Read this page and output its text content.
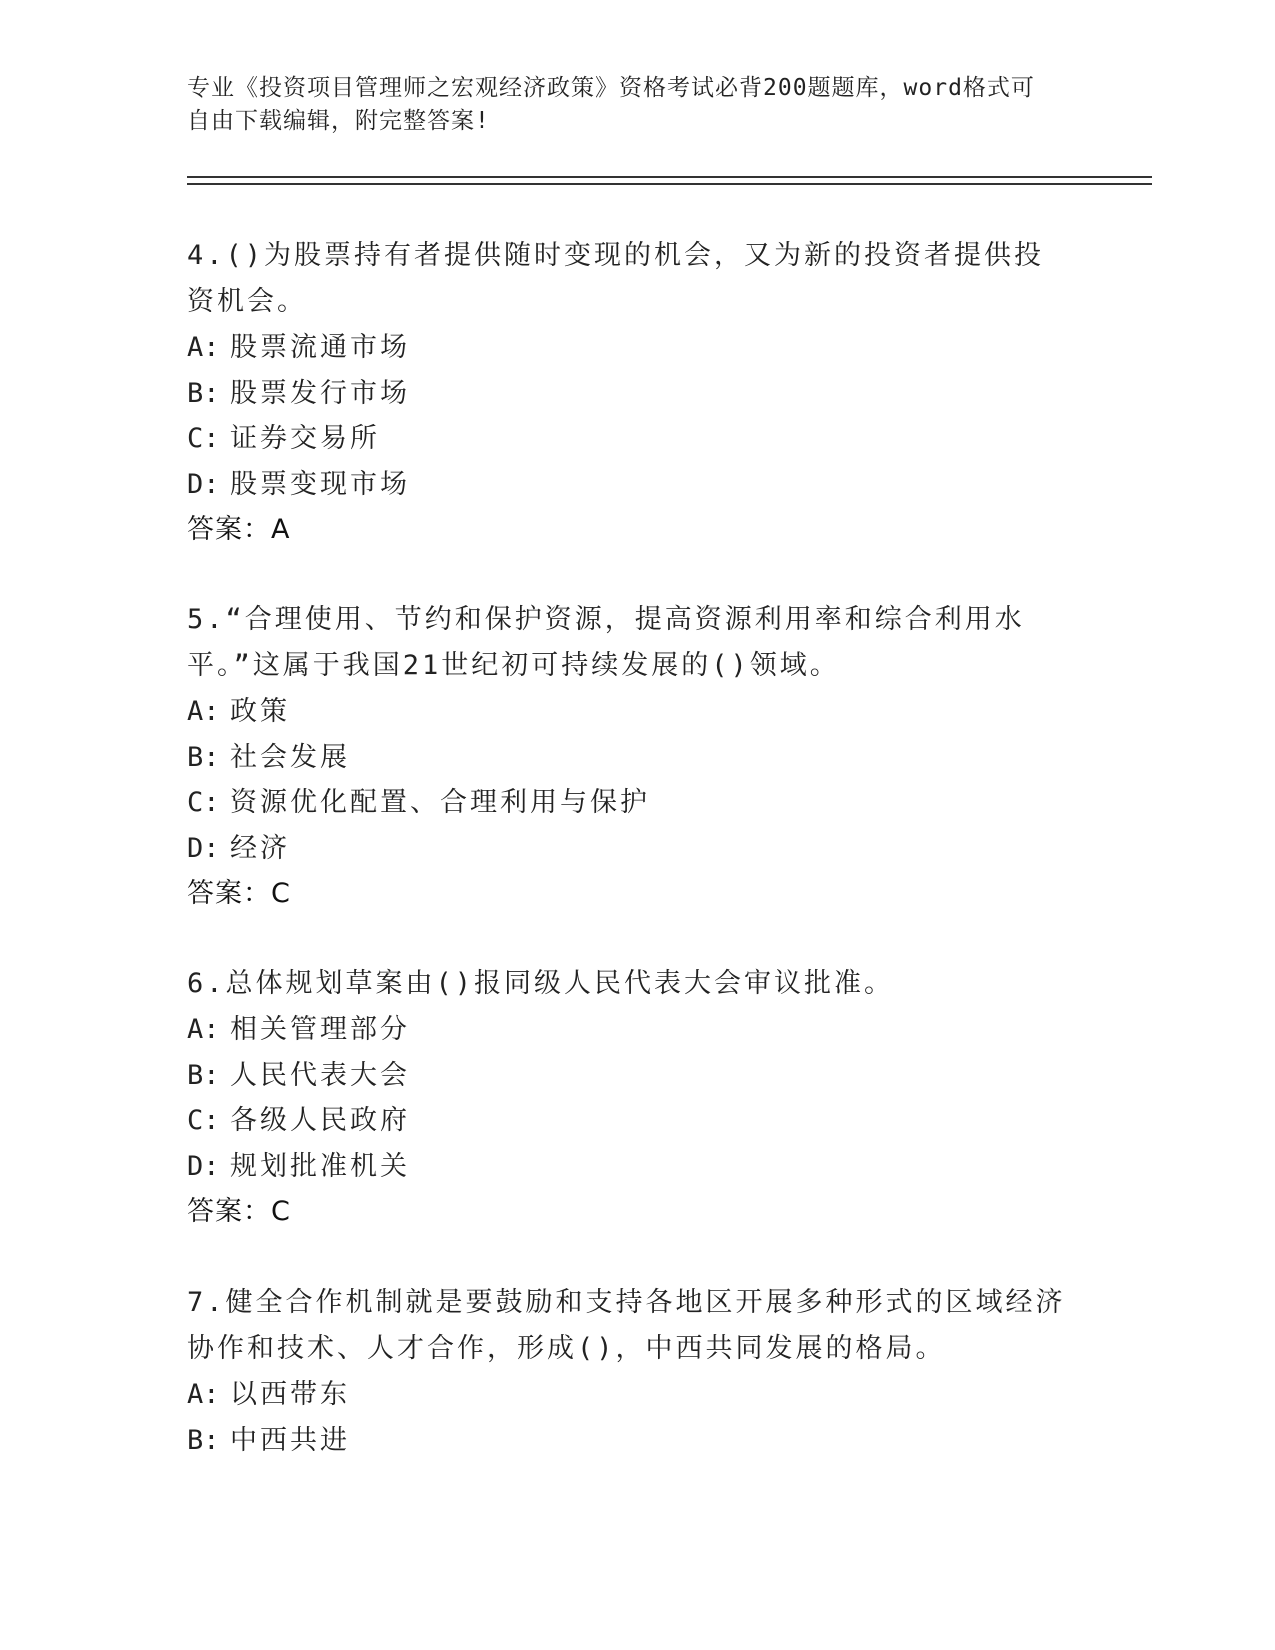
专业《投资项目管理师之宏观经济政策》资格考试必背200题题库，word格式可
自由下载编辑，附完整答案!
4.()为股票持有者提供随时变现的机会，又为新的投资者提供投资机会。
A: 股票流通市场
B: 股票发行市场
C: 证券交易所
D: 股票变现市场
答案：A
5.“合理使用、节约和保护资源，提高资源利用率和综合利用水平。”这属于我国21世纪初可持续发展的()领域。
A: 政策
B: 社会发展
C: 资源优化配置、合理利用与保护
D: 经济
答案：C
6.总体规划草案由()报同级人民代表大会审议批准。
A: 相关管理部分
B: 人民代表大会
C: 各级人民政府
D: 规划批准机关
答案：C
7.健全合作机制就是要鼓励和支持各地区开展多种形式的区域经济协作和技术、人才合作，形成()，中西共同发展的格局。
A: 以西带东
B: 中西共进
